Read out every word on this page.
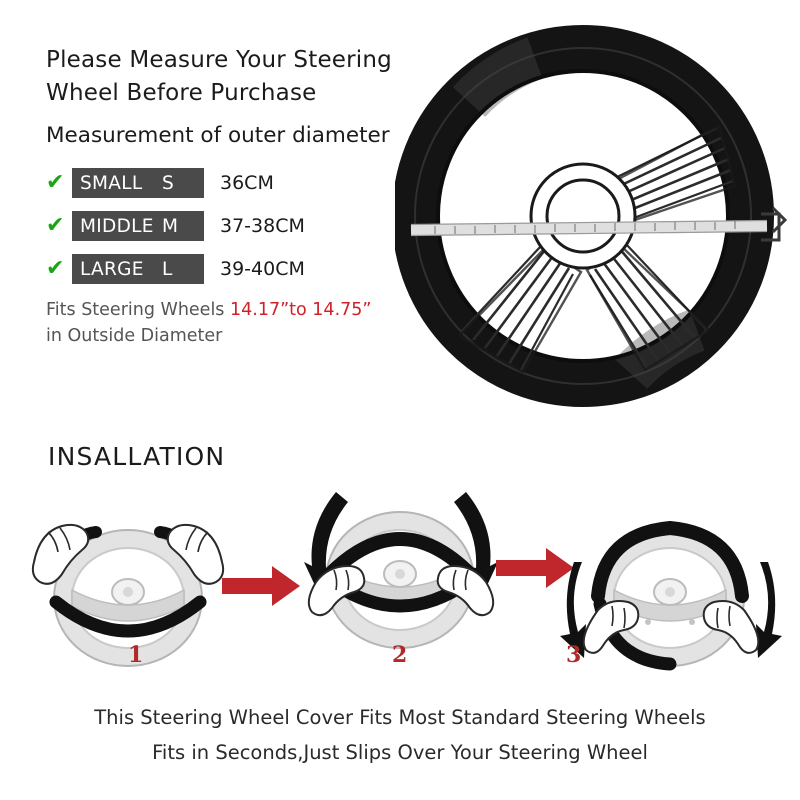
Please Measure Your Steering Wheel Before Purchase
Measurement of outer diameter
✔ SMALL	S	36CM
✔ MIDDLE M	37-38CM
✔ LARGE L	39-40CM
Fits Steering Wheels 14.17”to 14.75”
in Outside Diameter
INSALLATION
1	2	3
This Steering Wheel Cover Fits Most Standard Steering Wheels
Fits in Seconds,Just Slips Over Your Steering Wheel
